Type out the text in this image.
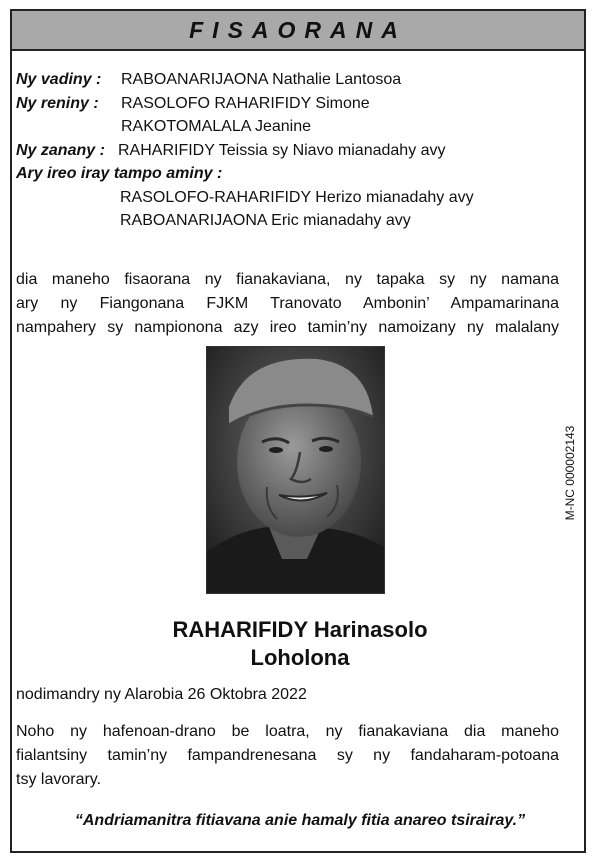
FISAORANA
Ny vadiny : RABOANARIJAONA Nathalie Lantosoa
Ny reniny : RASOLOFO RAHARIFIDY Simone
RAKOTOMALALA Jeanine
Ny zanany : RAHARIFIDY Teissia sy Niavo mianadahy avy
Ary ireo iray tampo aminy :
RASOLOFO-RAHARIFIDY Herizo mianadahy avy
RABOANARIJAONA Eric mianadahy avy
dia maneho fisaorana ny fianakaviana, ny tapaka sy ny namana
ary ny Fiangonana FJKM Tranovato Ambonin’ Ampamarinana
nampahery sy nampionona azy ireo tamin’ny namoizany ny malalany
M-NC 000002143
RAHARIFIDY Harinasolo
Loholona
nodimandry ny Alarobia 26 Oktobra 2022
Noho ny hafenoan-drano be loatra, ny fianakaviana dia maneho
fialantsiny tamin’ny fampandrenesana sy ny fandaharam-potoana
tsy lavorary.
“Andriamanitra fitiavana anie hamaly fitia anareo tsirairay.”
